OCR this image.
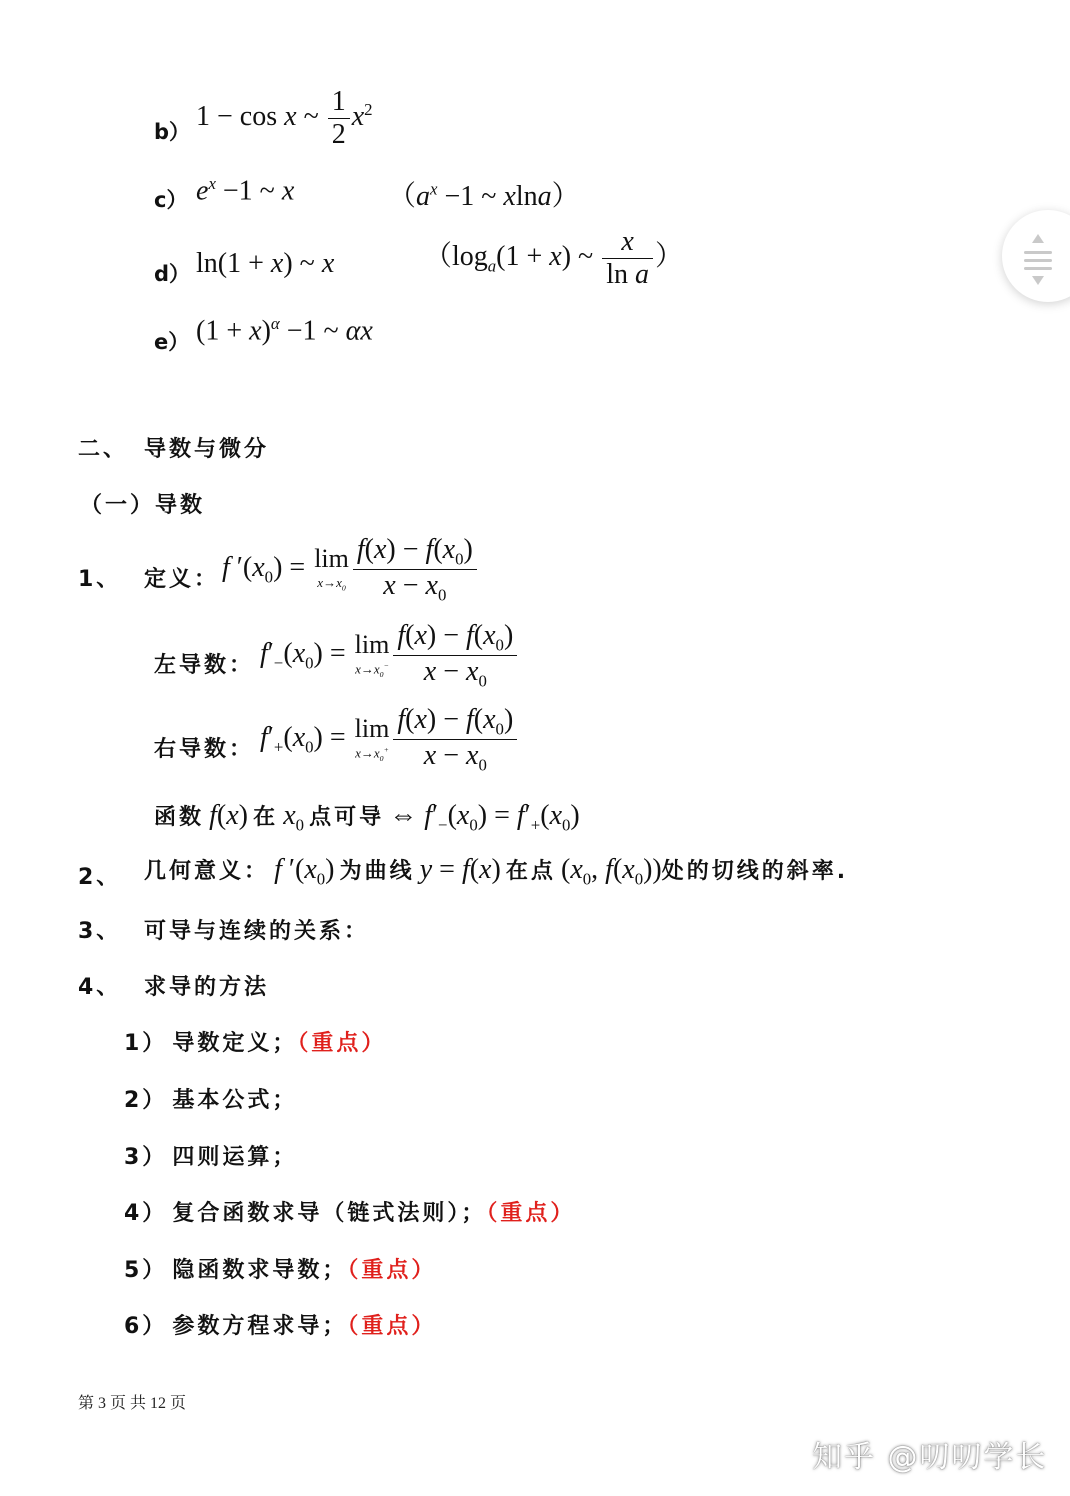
b） 1 − cos x ~ $\frac{1}{2} x^2$
c） $e^x -1$ ~ x	（$a^x -1$ ~ xlna）
d） ln(1 + x) ~ x	（$\log_a(1 + x)$ ~ $\frac{x}{\text{ln a}}$ ）
e） $(1 + x)^\alpha -1$ ~ αx
二、 导数与微分
（一）导数
1、 定义： f $'(x_0) = \lim$
$x\to x_0 \frac{f(x) - f(x_0)}{x - x_0}$
左导数： $f'_-(x_0) = \lim$
$x\to x_0^- \frac{f(x) - f(x_0)}{x - x_0}$
右导数： $f'_+(x_0) = \lim$
$x\to x_0^+ \frac{f(x) - f(x_0)}{x - x_0}$
函数 f(x) 在 $x_0$ 点可导 ⇔ $f'_-(x_0) = f'_+(x_0)$
2、 几何意义： f $'(x_0)$ 为曲线 y = f(x) 在点 ($x_0$, $f(x_0)$)处的切线的斜率.
3、 可导与连续的关系：
4、 求导的方法
1） 导数定义；（重点）
2） 基本公式；
3） 四则运算；
4） 复合函数求导（链式法则）；（重点）
5） 隐函数求导数；（重点）
6） 参数方程求导；（重点）
第 3 页 共 12 页
知乎 @叨叨学长
